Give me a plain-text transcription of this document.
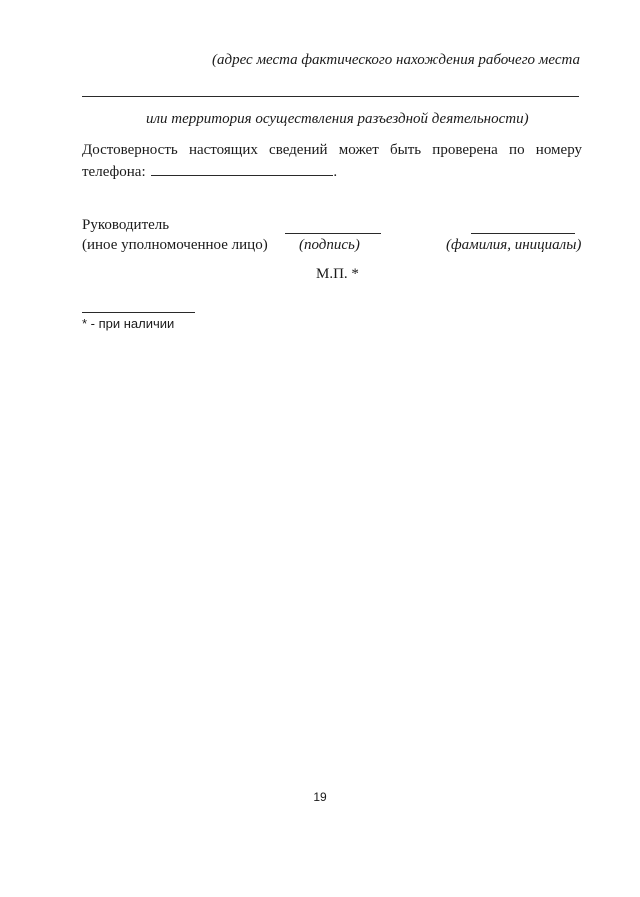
(адрес места фактического нахождения рабочего места
или территория осуществления разъездной деятельности)
Достоверность настоящих сведений может быть проверена по номеру
телефона:	.
Руководитель
(иное уполномоченное лицо) (подпись)	(фамилия, инициалы)
М.П. *
* - при наличии
19
